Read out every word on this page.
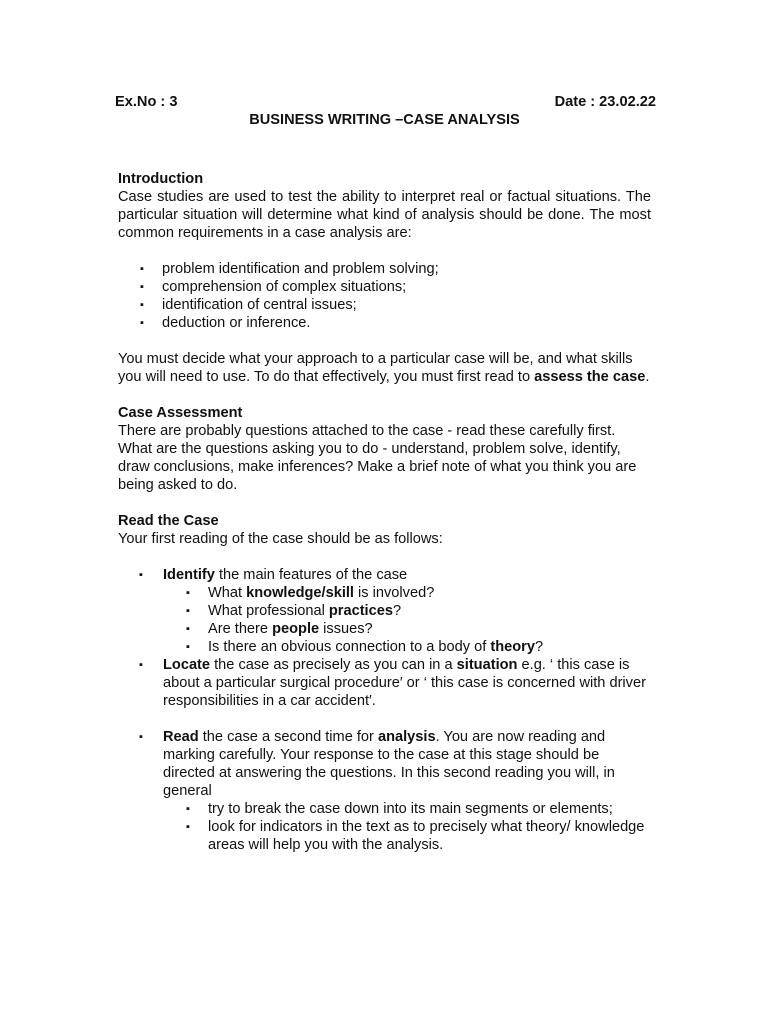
Ex.No : 3	Date : 23.02.22
BUSINESS WRITING –CASE ANALYSIS
Introduction

Case studies are used to test the ability to interpret real or factual situations. The particular situation will determine what kind of analysis should be done. The most common requirements in a case analysis are:

▪ problem identification and problem solving;
▪ comprehension of complex situations;
▪ identification of central issues;
▪ deduction or inference.

You must decide what your approach to a particular case will be, and what skills you will need to use. To do that effectively, you must first read to assess the case.

Case Assessment

There are probably questions attached to the case - read these carefully first. What are the questions asking you to do - understand, problem solve, identify, draw conclusions, make inferences? Make a brief note of what you think you are being asked to do.

Read the Case

Your first reading of the case should be as follows:

▪ Identify the main features of the case
▪ What knowledge/skill is involved?
▪ What professional practices?
▪ Are there people issues?
▪ Is there an obvious connection to a body of theory?
▪ Locate the case as precisely as you can in a situation e.g. ‘ this case is about a particular surgical procedure′ or ‘ this case is concerned with driver responsibilities in a car accident′.
▪ Read the case a second time for analysis. You are now reading and marking carefully. Your response to the case at this stage should be directed at answering the questions. In this second reading you will, in general
▪ try to break the case down into its main segments or elements;
▪ look for indicators in the text as to precisely what theory/ knowledge areas will help you with the analysis.
